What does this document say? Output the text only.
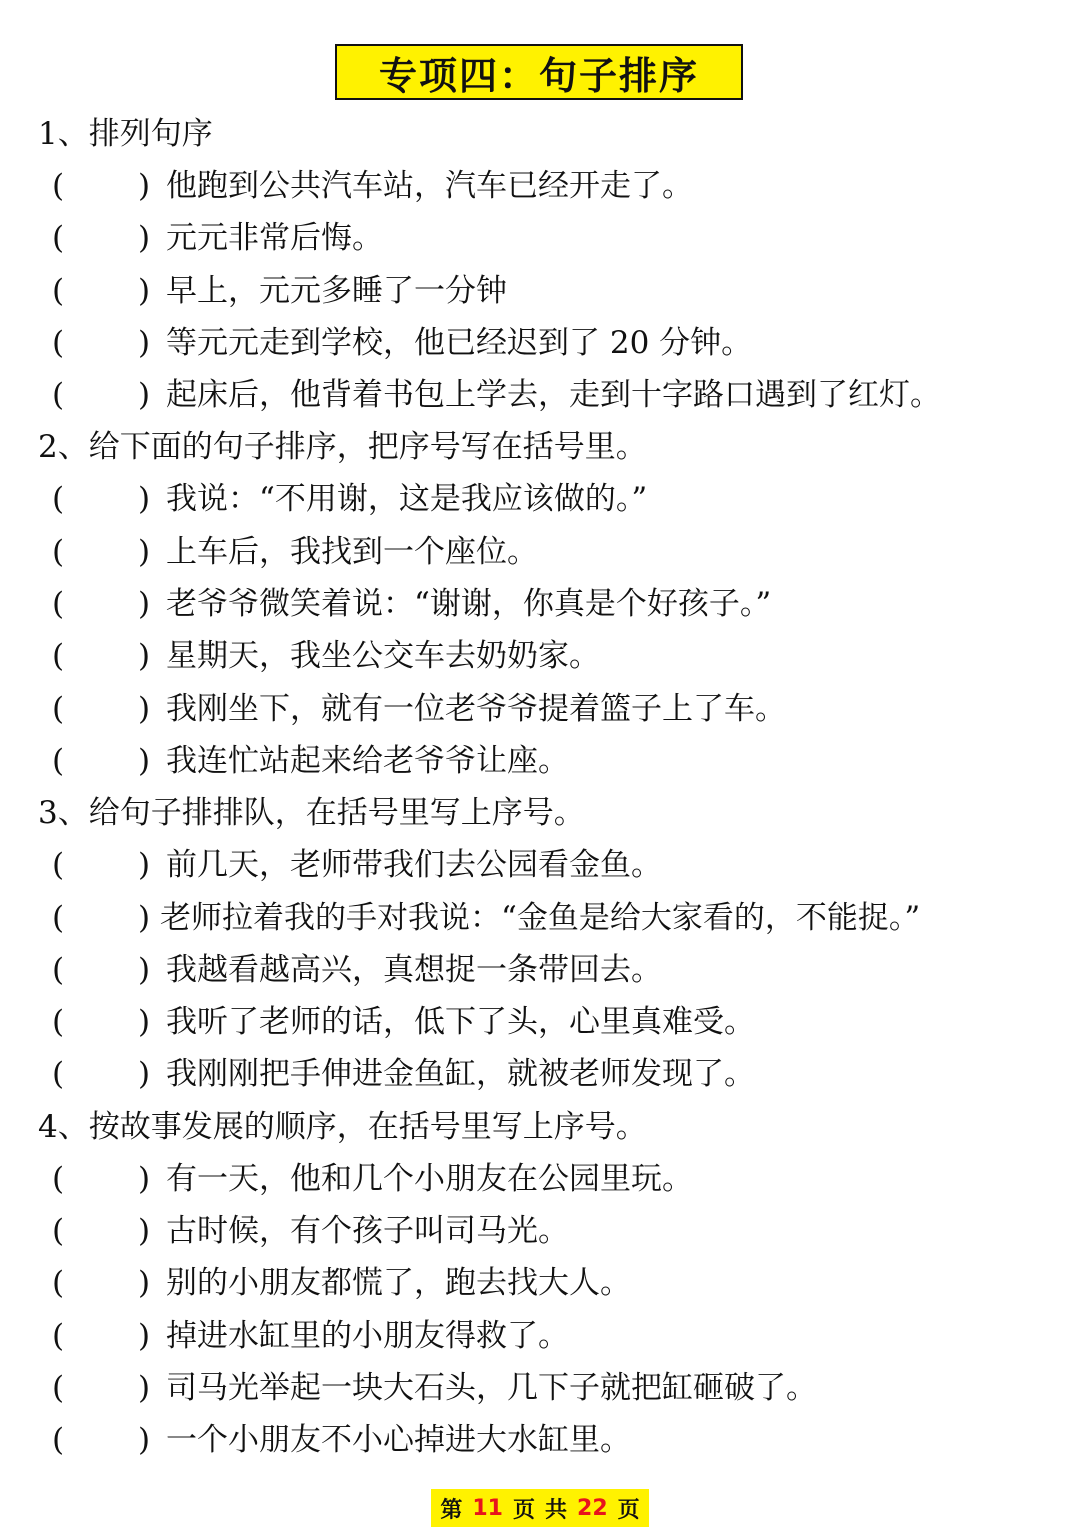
专项四：句子排序
1、排列句序
( ) 他跑到公共汽车站，汽车已经开走了。
( ) 元元非常后悔。
( ) 早上，元元多睡了一分钟
( ) 等元元走到学校，他已经迟到了 20 分钟。
( ) 起床后，他背着书包上学去，走到十字路口遇到了红灯。
2、给下面的句子排序，把序号写在括号里。
( ) 我说：“不用谢，这是我应该做的。”
( ) 上车后，我找到一个座位。
( ) 老爷爷微笑着说：“谢谢，你真是个好孩子。”
( ) 星期天，我坐公交车去奶奶家。
( ) 我刚坐下，就有一位老爷爷提着篮子上了车。
( ) 我连忙站起来给老爷爷让座。
3、给句子排排队，在括号里写上序号。
( ) 前几天，老师带我们去公园看金鱼。
( ) 老师拉着我的手对我说：“金鱼是给大家看的，不能捉。”
( ) 我越看越高兴，真想捉一条带回去。
( ) 我听了老师的话，低下了头，心里真难受。
( ) 我刚刚把手伸进金鱼缸，就被老师发现了。
4、按故事发展的顺序，在括号里写上序号。
( ) 有一天，他和几个小朋友在公园里玩。
( ) 古时候，有个孩子叫司马光。
( ) 别的小朋友都慌了，跑去找大人。
( ) 掉进水缸里的小朋友得救了。
( ) 司马光举起一块大石头，几下子就把缸砸破了。
( ) 一个小朋友不小心掉进大水缸里。
第 11 页 共 22 页
